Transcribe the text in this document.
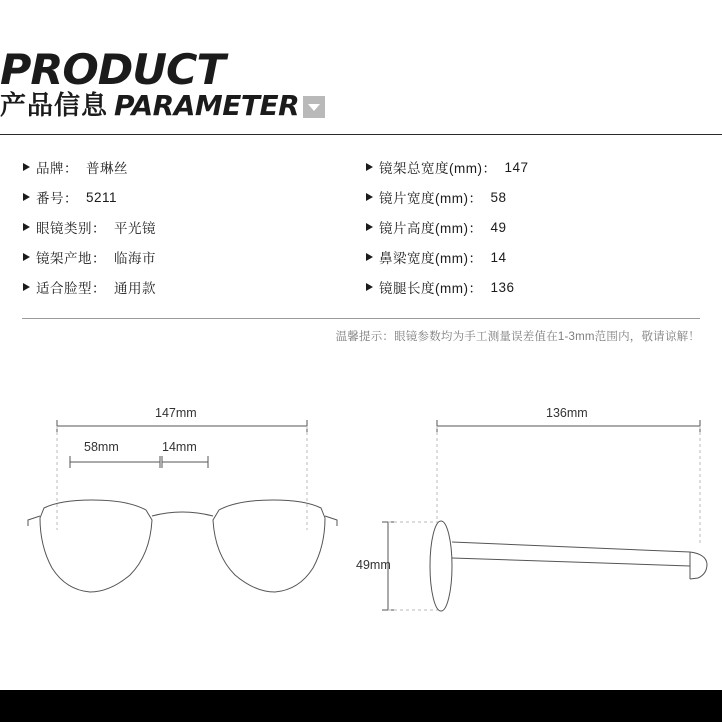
PRODUCT
产品信息 PARAMETER
品牌： 普琳丝
番号： 5211
眼镜类别： 平光镜
镜架产地： 临海市
适合脸型： 通用款
镜架总宽度(mm)： 147
镜片宽度(mm)： 58
镜片高度(mm)： 49
鼻梁宽度(mm)： 14
镜腿长度(mm)： 136
温馨提示：眼镜参数均为手工测量误差值在1-3mm范围内，敬请谅解！
147mm
58mm	14mm
136mm
49mm
